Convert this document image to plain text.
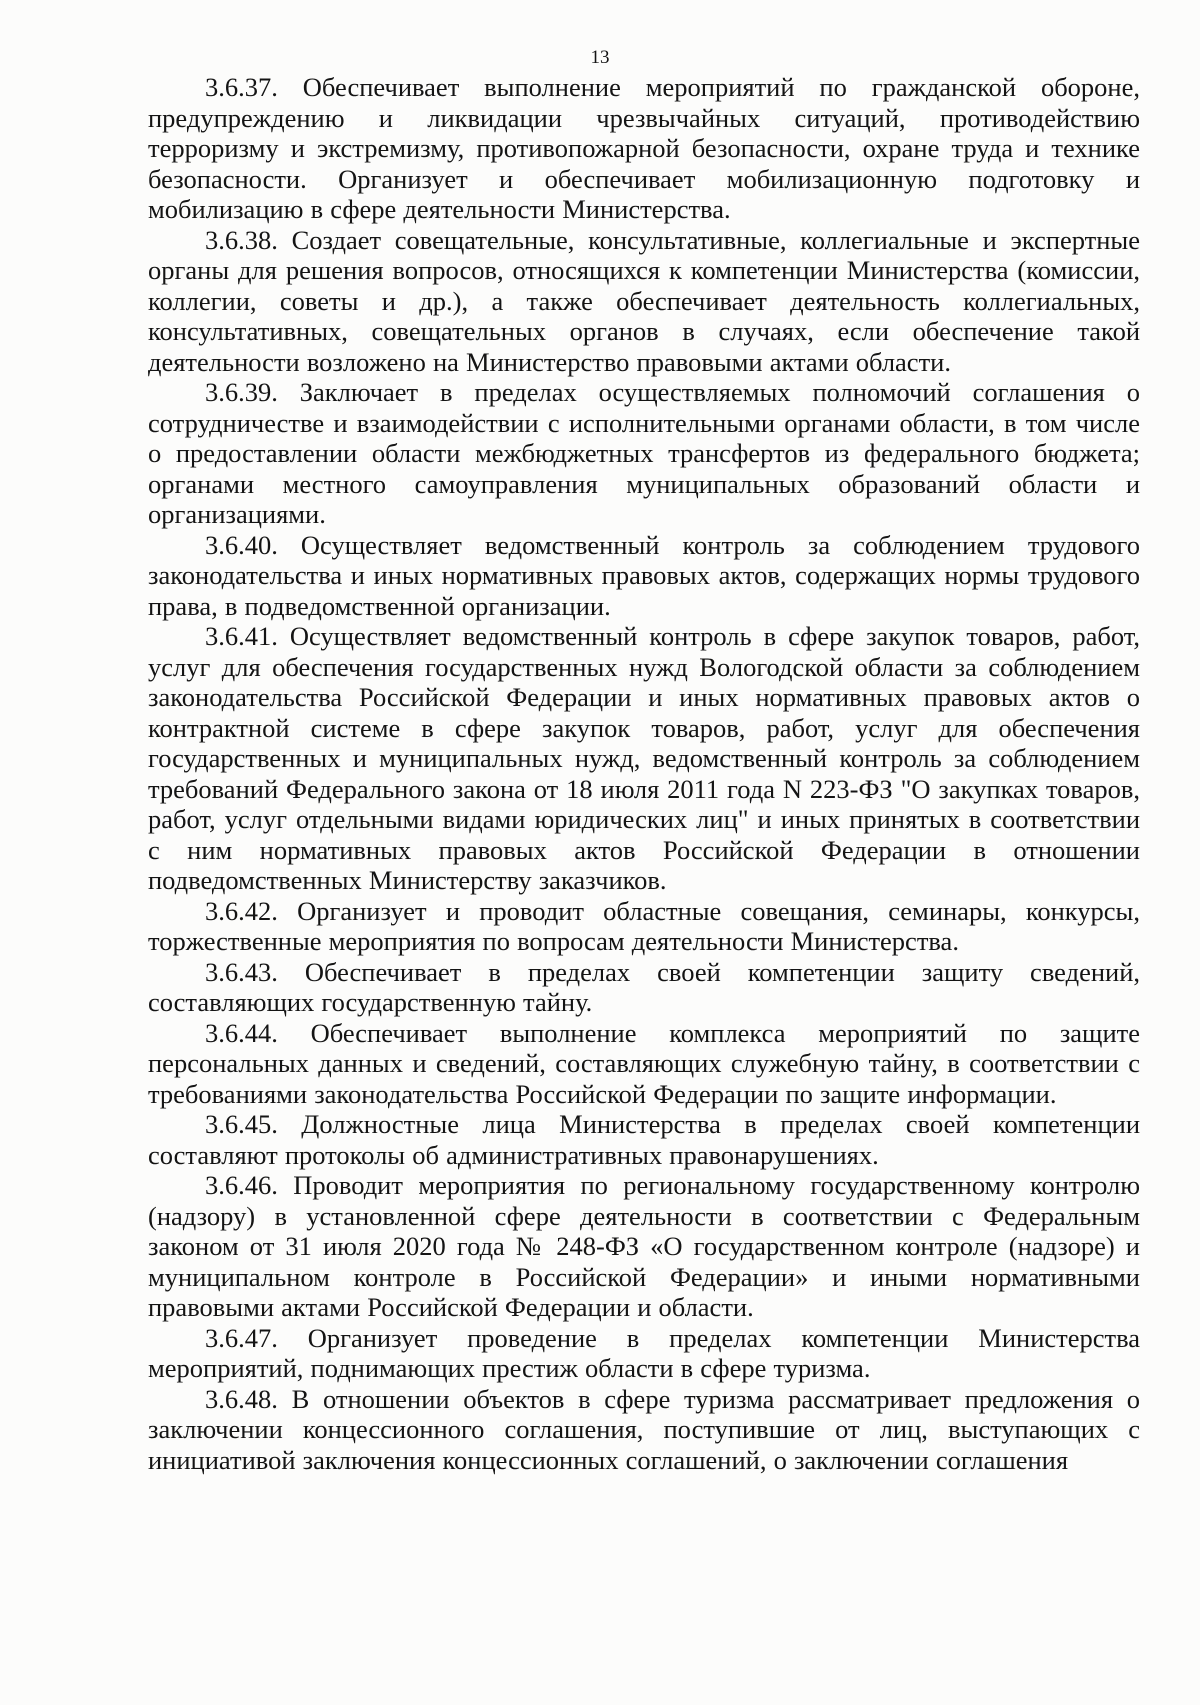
13

3.6.37. Обеспечивает выполнение мероприятий по гражданской обороне, предупреждению и ликвидации чрезвычайных ситуаций, противодействию терроризму и экстремизму, противопожарной безопасности, охране труда и технике безопасности. Организует и обеспечивает мобилизационную подготовку и мобилизацию в сфере деятельности Министерства.

3.6.38. Создает совещательные, консультативные, коллегиальные и экспертные органы для решения вопросов, относящихся к компетенции Министерства (комиссии, коллегии, советы и др.), а также обеспечивает деятельность коллегиальных, консультативных, совещательных органов в случаях, если обеспечение такой деятельности возложено на Министерство правовыми актами области.

3.6.39. Заключает в пределах осуществляемых полномочий соглашения о сотрудничестве и взаимодействии с исполнительными органами области, в том числе о предоставлении области межбюджетных трансфертов из федерального бюджета; органами местного самоуправления муниципальных образований области и организациями.

3.6.40. Осуществляет ведомственный контроль за соблюдением трудового законодательства и иных нормативных правовых актов, содержащих нормы трудового права, в подведомственной организации.

3.6.41. Осуществляет ведомственный контроль в сфере закупок товаров, работ, услуг для обеспечения государственных нужд Вологодской области за соблюдением законодательства Российской Федерации и иных нормативных правовых актов о контрактной системе в сфере закупок товаров, работ, услуг для обеспечения государственных и муниципальных нужд, ведомственный контроль за соблюдением требований Федерального закона от 18 июля 2011 года N 223-ФЗ "О закупках товаров, работ, услуг отдельными видами юридических лиц" и иных принятых в соответствии с ним нормативных правовых актов Российской Федерации в отношении подведомственных Министерству заказчиков.

3.6.42. Организует и проводит областные совещания, семинары, конкурсы, торжественные мероприятия по вопросам деятельности Министерства.

3.6.43. Обеспечивает в пределах своей компетенции защиту сведений, составляющих государственную тайну.

3.6.44. Обеспечивает выполнение комплекса мероприятий по защите персональных данных и сведений, составляющих служебную тайну, в соответствии с требованиями законодательства Российской Федерации по защите информации.

3.6.45. Должностные лица Министерства в пределах своей компетенции составляют протоколы об административных правонарушениях.

3.6.46. Проводит мероприятия по региональному государственному контролю (надзору) в установленной сфере деятельности в соответствии с Федеральным законом от 31 июля 2020 года № 248-ФЗ «О государственном контроле (надзоре) и муниципальном контроле в Российской Федерации» и иными нормативными правовыми актами Российской Федерации и области.

3.6.47. Организует проведение в пределах компетенции Министерства мероприятий, поднимающих престиж области в сфере туризма.

3.6.48. В отношении объектов в сфере туризма рассматривает предложения о заключении концессионного соглашения, поступившие от лиц, выступающих с инициативой заключения концессионных соглашений, о заключении соглашения
